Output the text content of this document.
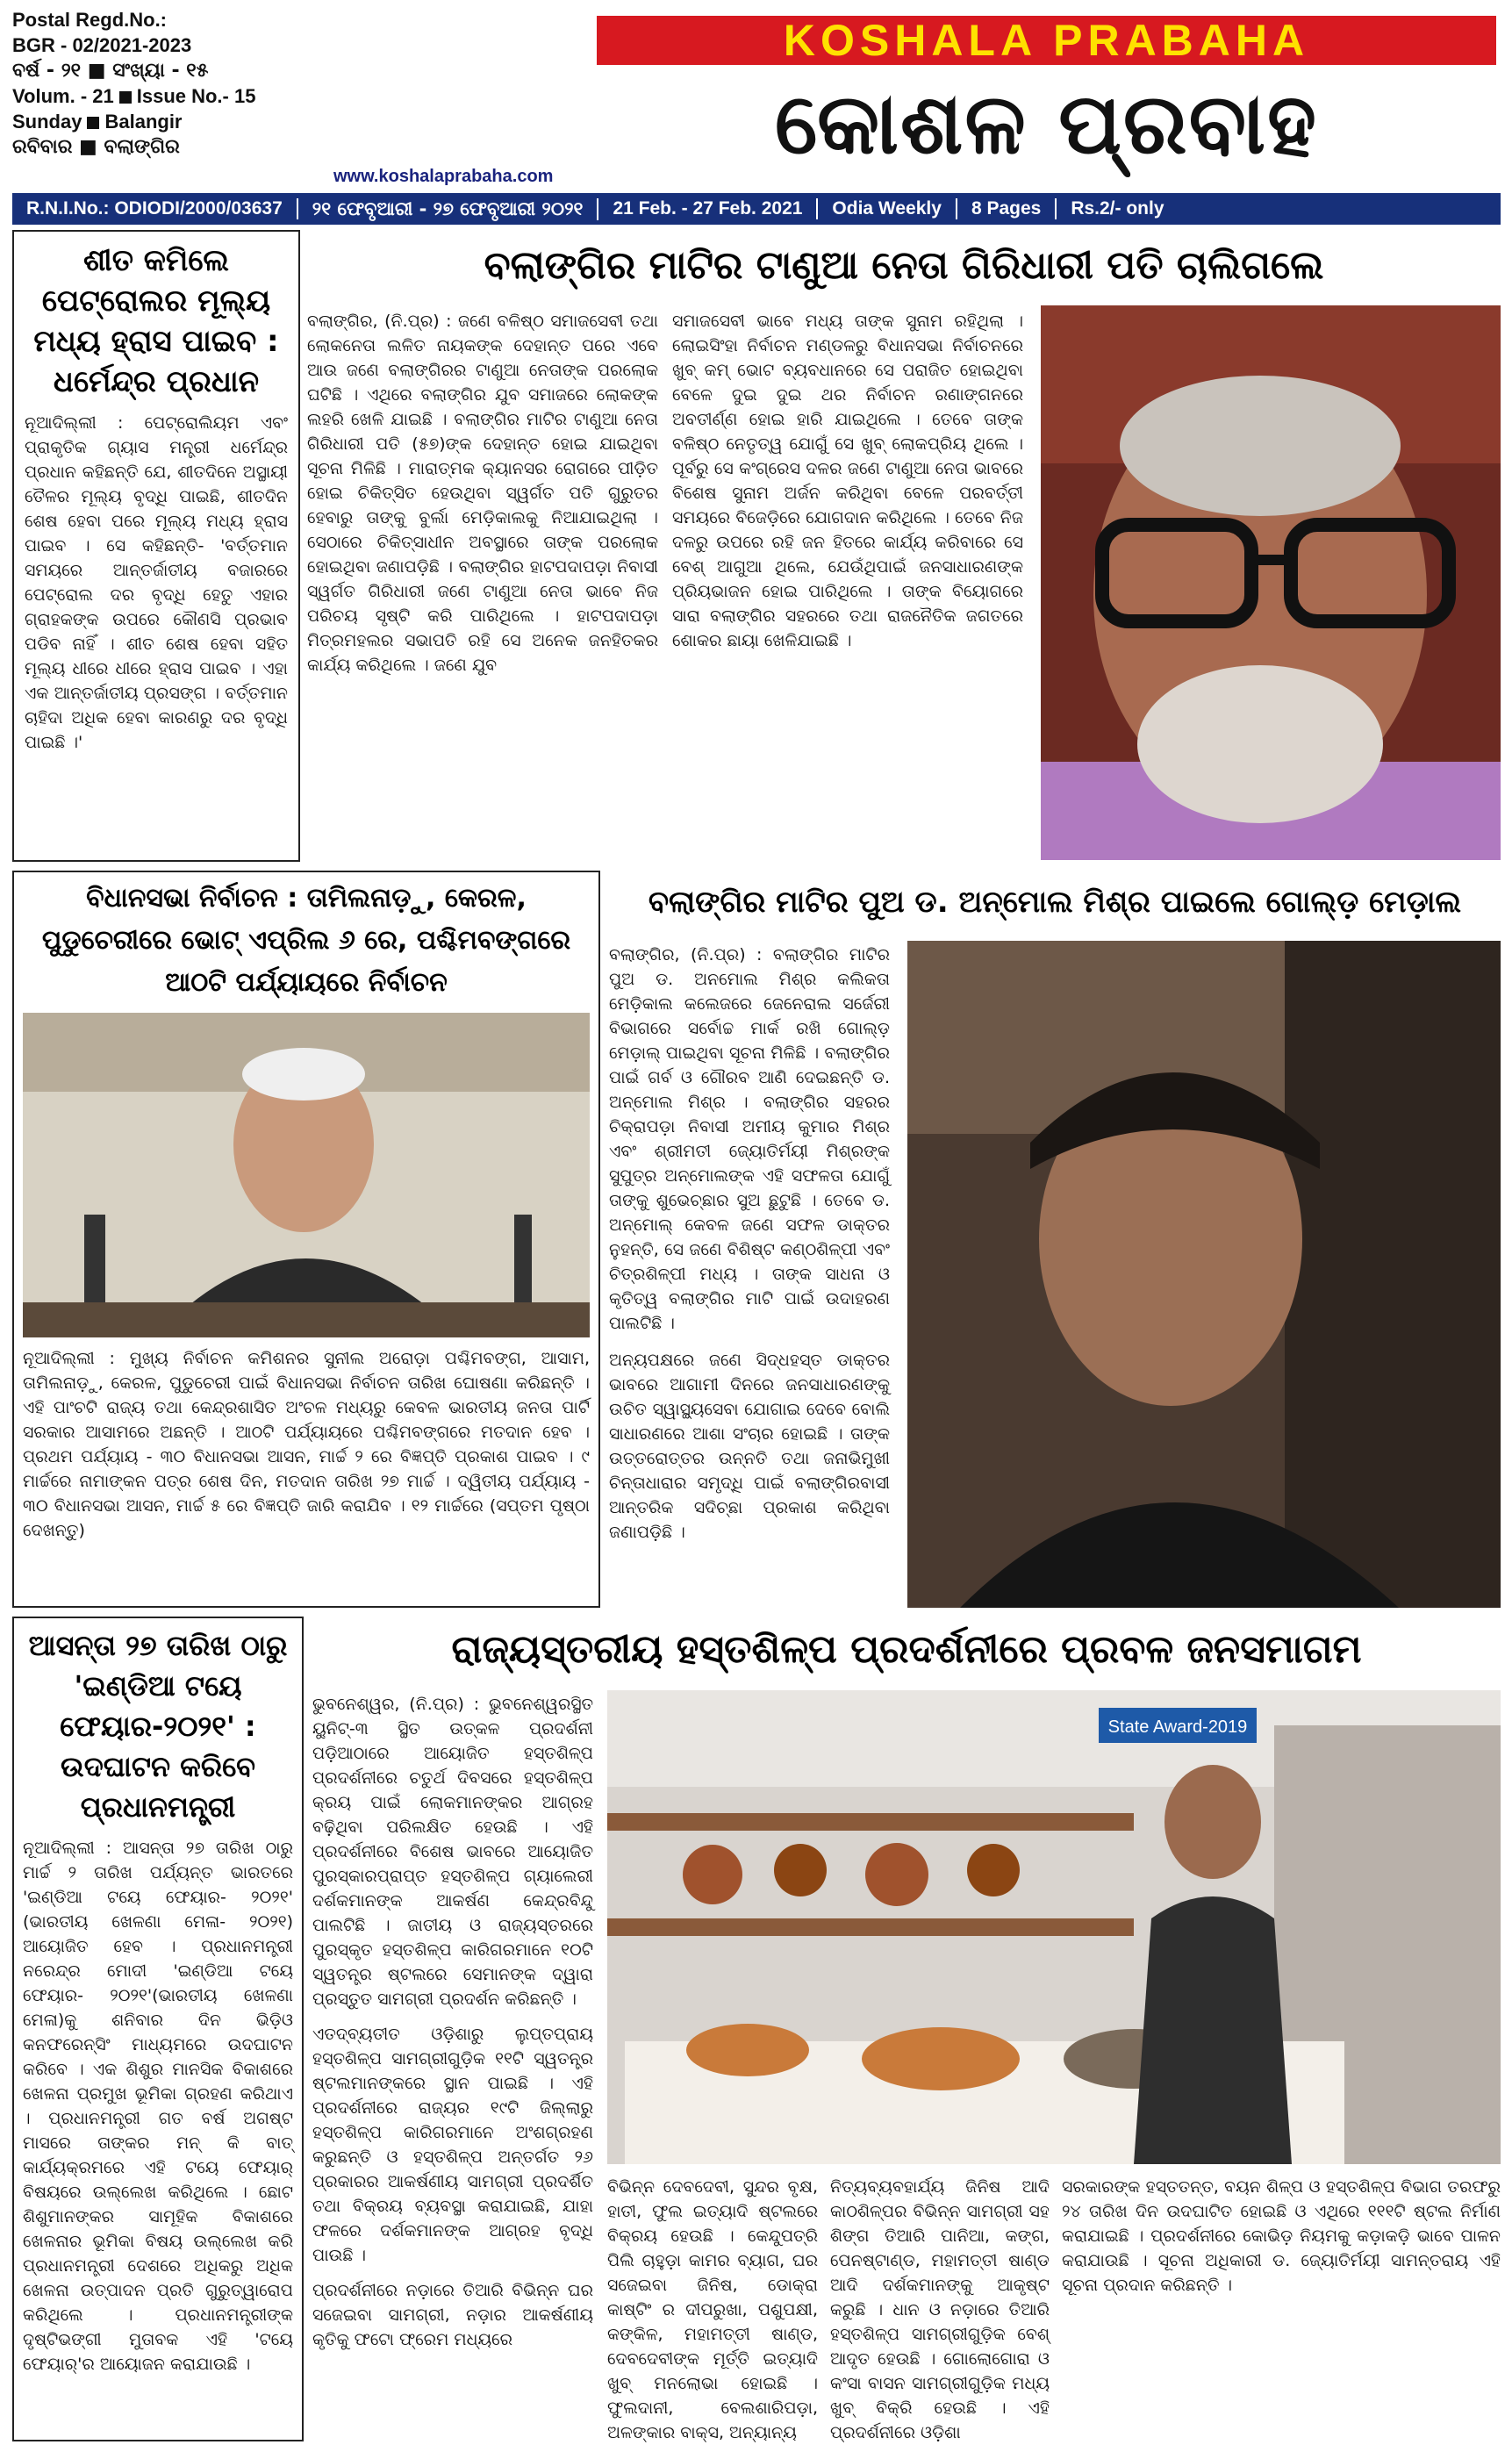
Postal Regd.No.:
BGR - 02/2021-2023
ବର୍ଷ - ୨୧ ■ ସଂଖ୍ୟା - ୧୫
Volum. - 21 Issue No.- 15
Sunday Balangir
ରବିବାର ■ ବଲାଙ୍ଗିର
KOSHALA PRABAHA
କୋଶଳ ପ୍ରବାହ
www.koshalaprabaha.com
R.N.I.No.: ODIODI/2000/03637	୨୧ ଫେବୃଆରୀ - ୨୭ ଫେବୃଆରୀ ୨୦୨୧	21 Feb. - 27 Feb. 2021	Odia Weekly	8 Pages	Rs.2/- only
ଶୀତ କମିଲେ ପେଟ୍ରୋଲର ମୂଲ୍ୟ ମଧ୍ୟ ହ୍ରାସ ପାଇବ : ଧର୍ମେନ୍ଦ୍ର ପ୍ରଧାନ
ନୂଆଦିଲ୍ଲୀ : ପେଟ୍ରୋଲିୟମ ଏବଂ ପ୍ରାକୃତିକ ଗ୍ୟାସ ମନ୍ତ୍ରୀ ଧର୍ମେନ୍ଦ୍ର ପ୍ରଧାନ କହିଛନ୍ତି ଯେ, ଶୀତଦିନେ ଅସ୍ଥାୟୀ ତୈଳର ମୂଲ୍ୟ ବୃଦ୍ଧି ପାଇଛି, ଶୀତଦିନ ଶେଷ ହେବା ପରେ ମୂଲ୍ୟ ମଧ୍ୟ ହ୍ରାସ ପାଇବ । ସେ କହିଛନ୍ତି- 'ବର୍ତ୍ତମାନ ସମୟରେ ଆନ୍ତର୍ଜାତୀୟ ବଜାରରେ ପେଟ୍ରୋଲ ଦର ବୃଦ୍ଧି ହେତୁ ଏହାର ଗ୍ରାହକଙ୍କ ଉପରେ କୌଣସି ପ୍ରଭାବ ପଡିବ ନାହିଁ । ଶୀତ ଶେଷ ହେବା ସହିତ ମୂଲ୍ୟ ଧୀରେ ଧୀରେ ହ୍ରାସ ପାଇବ । ଏହା ଏକ ଆନ୍ତର୍ଜାତୀୟ ପ୍ରସଙ୍ଗ । ବର୍ତ୍ତମାନ ଚାହିଦା ଅଧିକ ହେବା କାରଣରୁ ଦର ବୃଦ୍ଧି ପାଇଛି ।'
ବଲାଙ୍ଗିର ମାଟିର ଟାଣୁଆ ନେତା ଗିରିଧାରୀ ପତି ଚାଲିଗଲେ
ବଲାଙ୍ଗିର, (ନି.ପ୍ର) : ଜଣେ ବଳିଷ୍ଠ ସମାଜସେବୀ ତଥା ଲୋକନେତା ଲଳିତ ନାୟକଙ୍କ ଦେହାନ୍ତ ପରେ ଏବେ ଆଉ ଜଣେ ବଲାଙ୍ଗିରର ଟାଣୁଆ ନେତାଙ୍କ ପରଲୋକ ଘଟିଛି । ଏଥିରେ ବଲାଙ୍ଗିର ଯୁବ ସମାଜରେ ଲୋକଙ୍କ ଲହରି ଖେଳି ଯାଇଛି । ବଲାଙ୍ଗିର ମାଟିର ଟାଣୁଆ ନେତା ଗିରିଧାରୀ ପତି (୫୭)ଙ୍କ ଦେହାନ୍ତ ହୋଇ ଯାଇଥିବା ସୂଚନା ମିଳିଛି । ମାରାତ୍ମକ କ୍ୟାନସର ରୋଗରେ ପୀଡ଼ିତ ହୋଇ ଚିକିତ୍ସିତ ହେଉଥିବା ସ୍ୱର୍ଗତ ପତି ଗୁରୁତର ହେବାରୁ ତାଙ୍କୁ ବୁର୍ଲା ମେଡ଼ିକାଲକୁ ନିଆଯାଇଥିଲା । ସେଠାରେ ଚିକିତ୍ସାଧୀନ ଅବସ୍ଥାରେ ତାଙ୍କ ପରଲୋକ ହୋଇଥିବା ଜଣାପଡ଼ିଛି । ବଲାଙ୍ଗିର ହାଟପଦାପଡ଼ା ନିବାସୀ ସ୍ୱର୍ଗତ ଗିରିଧାରୀ ଜଣେ ଟାଣୁଆ ନେତା ଭାବେ ନିଜ ପରିଚୟ ସୃଷ୍ଟି କରି ପାରିଥିଲେ । ହାଟପଦାପଡ଼ା ମିତ୍ରମହଲର ସଭାପତି ରହି ସେ ଅନେକ ଜନହିତକର କାର୍ଯ୍ୟ କରିଥିଲେ । ଜଣେ ଯୁବ
ସମାଜସେବୀ ଭାବେ ମଧ୍ୟ ତାଙ୍କ ସୁନାମ ରହିଥିଲା । ଲୋଇସିଂହା ନିର୍ବାଚନ ମଣ୍ଡଳରୁ ବିଧାନସଭା ନିର୍ବାଚନରେ ଖୁବ୍ କମ୍ ଭୋଟ ବ୍ୟବଧାନରେ ସେ ପରାଜିତ ହୋଇଥିବା ବେଳେ ଦୁଇ ଦୁଇ ଥର ନିର୍ବାଚନ ରଣାଙ୍ଗନରେ ଅବତୀର୍ଣ୍ଣ ହୋଇ ହାରି ଯାଇଥିଲେ । ତେବେ ତାଙ୍କ ବଳିଷ୍ଠ ନେତୃତ୍ୱ ଯୋଗୁଁ ସେ ଖୁବ୍ ଲୋକପ୍ରିୟ ଥିଲେ । ପୂର୍ବରୁ ସେ କଂଗ୍ରେସ ଦଳର ଜଣେ ଟାଣୁଆ ନେତା ଭାବରେ ବିଶେଷ ସୁନାମ ଅର୍ଜନ କରିଥିବା ବେଳେ ପରବର୍ତ୍ତୀ ସମୟରେ ବିଜେଡ଼ିରେ ଯୋଗଦାନ କରିଥିଲେ । ତେବେ ନିଜ ଦଳରୁ ଉପରେ ରହି ଜନ ହିତରେ କାର୍ଯ୍ୟ କରିବାରେ ସେ ବେଶ୍ ଆଗୁଆ ଥିଲେ, ଯେଉଁଥିପାଇଁ ଜନସାଧାରଣଙ୍କ ପ୍ରିୟଭାଜନ ହୋଇ ପାରିଥିଲେ । ତାଙ୍କ ବିୟୋଗରେ ସାରା ବଲାଙ୍ଗିର ସହରରେ ତଥା ରାଜନୈତିକ ଜଗତରେ ଶୋକର ଛାୟା ଖେଳିଯାଇଛି ।
ବିଧାନସଭା ନିର୍ବାଚନ : ତାମିଲନାଡ଼ୁ, କେରଳ, ପୁଡୁଚେରୀରେ ଭୋଟ୍ ଏପ୍ରିଲ ୬ ରେ, ପଶ୍ଚିମବଙ୍ଗରେ ଆଠଟି ପର୍ଯ୍ୟାୟରେ ନିର୍ବାଚନ
ନୂଆଦିଲ୍ଲୀ : ମୁଖ୍ୟ ନିର୍ବାଚନ କମିଶନର ସୁନୀଲ ଅରୋଡ଼ା ପଶ୍ଚିମବଙ୍ଗ, ଆସାମ, ତାମିଲନାଡ଼ୁ, କେରଳ, ପୁଡୁଚେରୀ ପାଇଁ ବିଧାନସଭା ନିର୍ବାଚନ ତାରିଖ ଘୋଷଣା କରିଛନ୍ତି । ଏହି ପାଂଚଟି ରାଜ୍ୟ ତଥା କେନ୍ଦ୍ରଶାସିତ ଅଂଚଳ ମଧ୍ୟରୁ କେବଳ ଭାରତୀୟ ଜନତା ପାର୍ଟି ସରକାର ଆସାମରେ ଅଛନ୍ତି । ଆଠଟି ପର୍ଯ୍ୟାୟରେ ପଶ୍ଚିମବଙ୍ଗରେ ମତଦାନ ହେବ । ପ୍ରଥମ ପର୍ଯ୍ୟାୟ - ୩୦ ବିଧାନସଭା ଆସନ, ମାର୍ଚ୍ଚ ୨ ରେ ବିଜ୍ଞପ୍ତି ପ୍ରକାଶ ପାଇବ । ୯ ମାର୍ଚ୍ଚରେ ନାମାଙ୍କନ ପତ୍ର ଶେଷ ଦିନ, ମତଦାନ ତାରିଖ ୨୭ ମାର୍ଚ୍ଚ । ଦ୍ୱିତୀୟ ପର୍ଯ୍ୟାୟ - ୩୦ ବିଧାନସଭା ଆସନ, ମାର୍ଚ୍ଚ ୫ ରେ ବିଜ୍ଞପ୍ତି ଜାରି କରାଯିବ । ୧୨ ମାର୍ଚ୍ଚରେ (ସପ୍ତମ ପୃଷ୍ଠା ଦେଖନ୍ତୁ)
ବଲାଙ୍ଗିର ମାଟିର ପୁଅ ଡ. ଅନ୍‌ମୋଲ ମିଶ୍ର ପାଇଲେ ଗୋଲ୍ଡ଼ ମେଡ଼ାଲ
ବଲାଙ୍ଗିର, (ନି.ପ୍ର) : ବଲାଙ୍ଗିର ମାଟିର ପୁଅ ଡ. ଅନମୋଲ ମିଶ୍ର କଲିକତା ମେଡ଼ିକାଲ କଲେଜରେ ଜେନେରାଲ ସର୍ଜେରୀ ବିଭାଗରେ ସର୍ବୋଚ୍ଚ ମାର୍କ ରଖି ଗୋଲ୍ଡ଼ ମେଡ଼ାଲ୍ ପାଇଥିବା ସୂଚନା ମିଳିଛି । ବଲାଙ୍ଗିର ପାଇଁ ଗର୍ବ ଓ ଗୌରବ ଆଣି ଦେଇଛନ୍ତି ଡ. ଅନ୍‌ମୋଲ ମିଶ୍ର । ବଲାଙ୍ଗିର ସହରର ଚିକ୍ରାପଡ଼ା ନିବାସୀ ଅମୀୟ କୁମାର ମିଶ୍ର ଏବଂ ଶ୍ରୀମତୀ ଜ୍ୟୋତିର୍ମୟୀ ମିଶ୍ରଙ୍କ ସୁପୁତ୍ର ଅନ୍‌ମୋଲଙ୍କ ଏହି ସଫଳତା ଯୋଗୁଁ ତାଙ୍କୁ ଶୁଭେଚ୍ଛାର ସୁଅ ଛୁଟୁଛି । ତେବେ ଡ. ଅନ୍‌ମୋଲ୍ କେବଳ ଜଣେ ସଫଳ ଡାକ୍ତର ନୁହନ୍ତି, ସେ ଜଣେ ବିଶିଷ୍ଟ କଣ୍ଠଶିଳ୍ପୀ ଏବଂ ଚିତ୍ରଶିଳ୍ପୀ ମଧ୍ୟ । ତାଙ୍କ ସାଧନା ଓ କୃତିତ୍ୱ ବଲାଙ୍ଗିର ମାଟି ପାଇଁ ଉଦାହରଣ ପାଲଟିଛି ।
ଅନ୍ୟପକ୍ଷରେ ଜଣେ ସିଦ୍ଧହସ୍ତ ଡାକ୍ତର ଭାବରେ ଆଗାମୀ ଦିନରେ ଜନସାଧାରଣଙ୍କୁ ଉଚିତ ସ୍ୱାସ୍ଥ୍ୟସେବା ଯୋଗାଇ ଦେବେ ବୋଲି ସାଧାରଣରେ ଆଶା ସଂଚାର ହୋଇଛି । ତାଙ୍କ ଉତ୍ତରୋତ୍ତର ଉନ୍ନତି ତଥା ଜନାଭିମୁଖୀ ଚିନ୍ତାଧାରାର ସମୃଦ୍ଧି ପାଇଁ ବଲାଙ୍ଗିରବାସୀ ଆନ୍ତରିକ ସଦିଚ୍ଛା ପ୍ରକାଶ କରିଥିବା ଜଣାପଡ଼ିଛି ।
ଆସନ୍ତା ୨୭ ତାରିଖ ଠାରୁ 'ଇଣ୍ଡିଆ ଟୟେ ଫେୟାର-୨୦୨୧' : ଉଦଘାଟନ କରିବେ ପ୍ରଧାନମନ୍ତ୍ରୀ
ନୂଆଦିଲ୍ଲୀ : ଆସନ୍ତା ୨୭ ତାରିଖ ଠାରୁ ମାର୍ଚ୍ଚ ୨ ତାରିଖ ପର୍ଯ୍ୟନ୍ତ ଭାରତରେ 'ଇଣ୍ଡିଆ ଟୟେ ଫେୟାର- ୨୦୨୧' (ଭାରତୀୟ ଖେଳଣା ମେଳା- ୨୦୨୧) ଆୟୋଜିତ ହେବ । ପ୍ରଧାନମନ୍ତ୍ରୀ ନରେନ୍ଦ୍ର ମୋଦୀ 'ଇଣ୍ଡିଆ ଟୟେ ଫେୟାର- ୨୦୨୧'(ଭାରତୀୟ ଖେଳଣା ମେଳା)କୁ ଶନିବାର ଦିନ ଭିଡ଼ିଓ କନଫରେନ୍ସିଂ ମାଧ୍ୟମରେ ଉଦଘାଟନ କରିବେ । ଏକ ଶିଶୁର ମାନସିକ ବିକାଶରେ ଖେଳନା ପ୍ରମୁଖ ଭୂମିକା ଗ୍ରହଣ କରିଥାଏ । ପ୍ରଧାନମନ୍ତ୍ରୀ ଗତ ବର୍ଷ ଅଗଷ୍ଟ ମାସରେ ତାଙ୍କର ମନ୍ କି ବାତ୍ କାର୍ଯ୍ୟକ୍ରମରେ ଏହି ଟୟେ ଫେୟାର୍ ବିଷୟରେ ଉଲ୍ଲେଖ କରିଥିଲେ । ଛୋଟ ଶିଶୁମାନଙ୍କର ସାମୂହିକ ବିକାଶରେ ଖେଳନାର ଭୂମିକା ବିଷୟ ଉଲ୍ଲେଖ କରି ପ୍ରଧାନମନ୍ତ୍ରୀ ଦେଶରେ ଅଧିକରୁ ଅଧିକ ଖେଳନା ଉତ୍ପାଦନ ପ୍ରତି ଗୁରୁତ୍ୱାରୋପ କରିଥିଲେ । ପ୍ରଧାନମନ୍ତ୍ରୀଙ୍କ ଦୃଷ୍ଟିଭଙ୍ଗୀ ମୁତାବକ ଏହି 'ଟୟେ ଫେୟାର୍'ର ଆୟୋଜନ କରାଯାଉଛି ।
ରାଜ୍ୟସ୍ତରୀୟ ହସ୍ତଶିଳ୍ପ ପ୍ରଦର୍ଶନୀରେ ପ୍ରବଳ ଜନସମାଗମ
ଭୁବନେଶ୍ୱର, (ନି.ପ୍ର) : ଭୁବନେଶ୍ୱରସ୍ଥିତ ୟୁନିଟ୍-୩ ସ୍ଥିତ ଉତ୍କଳ ପ୍ରଦର୍ଶନୀ ପଡ଼ିଆଠାରେ ଆୟୋଜିତ ହସ୍ତଶିଳ୍ପ ପ୍ରଦର୍ଶନୀରେ ଚତୁର୍ଥ ଦିବସରେ ହସ୍ତଶିଳ୍ପ କ୍ରୟ ପାଇଁ ଲୋକମାନଙ୍କର ଆଗ୍ରହ ବଢ଼ିଥିବା ପରିଲକ୍ଷିତ ହେଉଛି । ଏହି ପ୍ରଦର୍ଶନୀରେ ବିଶେଷ ଭାବରେ ଆୟୋଜିତ ପୁରସ୍କାରପ୍ରାପ୍ତ ହସ୍ତଶିଳ୍ପ ଗ୍ୟାଲେରୀ ଦର୍ଶକମାନଙ୍କ ଆକର୍ଷଣ କେନ୍ଦ୍ରବିନ୍ଦୁ ପାଲଟିଛି । ଜାତୀୟ ଓ ରାଜ୍ୟସ୍ତରରେ ପୁରସ୍କୃତ ହସ୍ତଶିଳ୍ପ କାରିଗରମାନେ ୧୦ଟି ସ୍ୱତନ୍ତ୍ର ଷ୍ଟଲରେ ସେମାନଙ୍କ ଦ୍ୱାରା ପ୍ରସ୍ତୁତ ସାମଗ୍ରୀ ପ୍ରଦର୍ଶନ କରିଛନ୍ତି ।
ଏତଦ୍‌ବ୍ୟତୀତ ଓଡ଼ିଶାରୁ ଲୁପ୍ତପ୍ରାୟ ହସ୍ତଶିଳ୍ପ ସାମଗ୍ରୀଗୁଡ଼ିକ ୧୧ଟି ସ୍ୱତନ୍ତ୍ର ଷ୍ଟଲମାନଙ୍କରେ ସ୍ଥାନ ପାଇଛି । ଏହି ପ୍ରଦର୍ଶନୀରେ ରାଜ୍ୟର ୧୯ଟି ଜିଲ୍ଲାରୁ ହସ୍ତଶିଳ୍ପ କାରିଗରମାନେ ଅଂଶଗ୍ରହଣ କରୁଛନ୍ତି ଓ ହସ୍ତଶିଳ୍ପ ଅନ୍ତର୍ଗତ ୨୬ ପ୍ରକାରର ଆକର୍ଷଣୀୟ ସାମଗ୍ରୀ ପ୍ରଦର୍ଶିତ ତଥା ବିକ୍ରୟ ବ୍ୟବସ୍ଥା କରାଯାଇଛି, ଯାହା ଫଳରେ ଦର୍ଶକମାନଙ୍କ ଆଗ୍ରହ ବୃଦ୍ଧି ପାଉଛି ।
ପ୍ରଦର୍ଶନୀରେ ନଡ଼ାରେ ତିଆରି ବିଭିନ୍ନ ଘର ସଜେଇବା ସାମଗ୍ରୀ, ନଡ଼ାର ଆକର୍ଷଣୀୟ କୃତିକୁ ଫଟୋ ଫ୍ରେମ ମଧ୍ୟରେ
State Award-2019
ବିଭିନ୍ନ ଦେବଦେବୀ, ସୁନ୍ଦର ବୃକ୍ଷ, ହାତୀ, ଫୁଲ ଇତ୍ୟାଦି ଷ୍ଟଲରେ ବିକ୍ରୟ ହେଉଛି । କେନ୍ଦୁପତ୍ରି ପିଲି ଚାହୁଡ଼ା କାମର ବ୍ୟାଗ, ଘର ସଜେଇବା ଜିନିଷ, ଡୋକ୍ରା କାଷ୍ଟିଂ ର ଦୀପରୁଖା, ପଶୁପକ୍ଷୀ, କଙ୍କିଳ, ମହାମତ୍ତୀ ଷାଣ୍ଡ, ଦେବଦେବୀଙ୍କ ମୂର୍ତ୍ତି ଇତ୍ୟାଦି ଖୁବ୍ ମନଲୋଭା ହୋଇଛି । ଫୁଲଦାନୀ, ବେଲଶାରିପଡ଼ା, ଅଳଙ୍କାର ବାକ୍ସ, ଅନ୍ୟାନ୍ୟ
ନିତ୍ୟବ୍ୟବହାର୍ଯ୍ୟ ଜିନିଷ ଆଦି କାଠଶିଳ୍ପର ବିଭିନ୍ନ ସାମଗ୍ରୀ ସହ ଶିଙ୍ଗ ତିଆରି ପାନିଆ, କଙ୍ଗ, ପେନଷ୍ଟାଣ୍ଡ, ମହାମତ୍ତୀ ଷାଣ୍ଡ ଆଦି ଦର୍ଶକମାନଙ୍କୁ ଆକୃଷ୍ଟ କରୁଛି । ଧାନ ଓ ନଡ଼ାରେ ତିଆରି ହସ୍ତଶିଳ୍ପ ସାମଗ୍ରୀଗୁଡ଼ିକ ବେଶ୍ ଆଦୃତ ହେଉଛି । ଗୋଲୋଗୋରା ଓ କଂସା ବାସନ ସାମଗ୍ରୀଗୁଡ଼ିକ ମଧ୍ୟ ଖୁବ୍ ବିକ୍ରି ହେଉଛି । ଏହି ପ୍ରଦର୍ଶନୀରେ ଓଡ଼ିଶା
ସରକାରଙ୍କ ହସ୍ତତନ୍ତ, ବୟନ ଶିଳ୍ପ ଓ ହସ୍ତଶିଳ୍ପ ବିଭାଗ ତରଫରୁ ୨୪ ତାରିଖ ଦିନ ଉଦଘାଟିତ ହୋଇଛି ଓ ଏଥିରେ ୧୧୧ଟି ଷ୍ଟଲ ନିର୍ମାଣ କରାଯାଇଛି । ପ୍ରଦର୍ଶନୀରେ କୋଭିଡ଼ ନିୟମକୁ କଡ଼ାକଡ଼ି ଭାବେ ପାଳନ କରାଯାଉଛି । ସୂଚନା ଅଧିକାରୀ ଡ. ଜ୍ୟୋତିର୍ମୟୀ ସାମନ୍ତରାୟ ଏହି ସୂଚନା ପ୍ରଦାନ କରିଛନ୍ତି ।
